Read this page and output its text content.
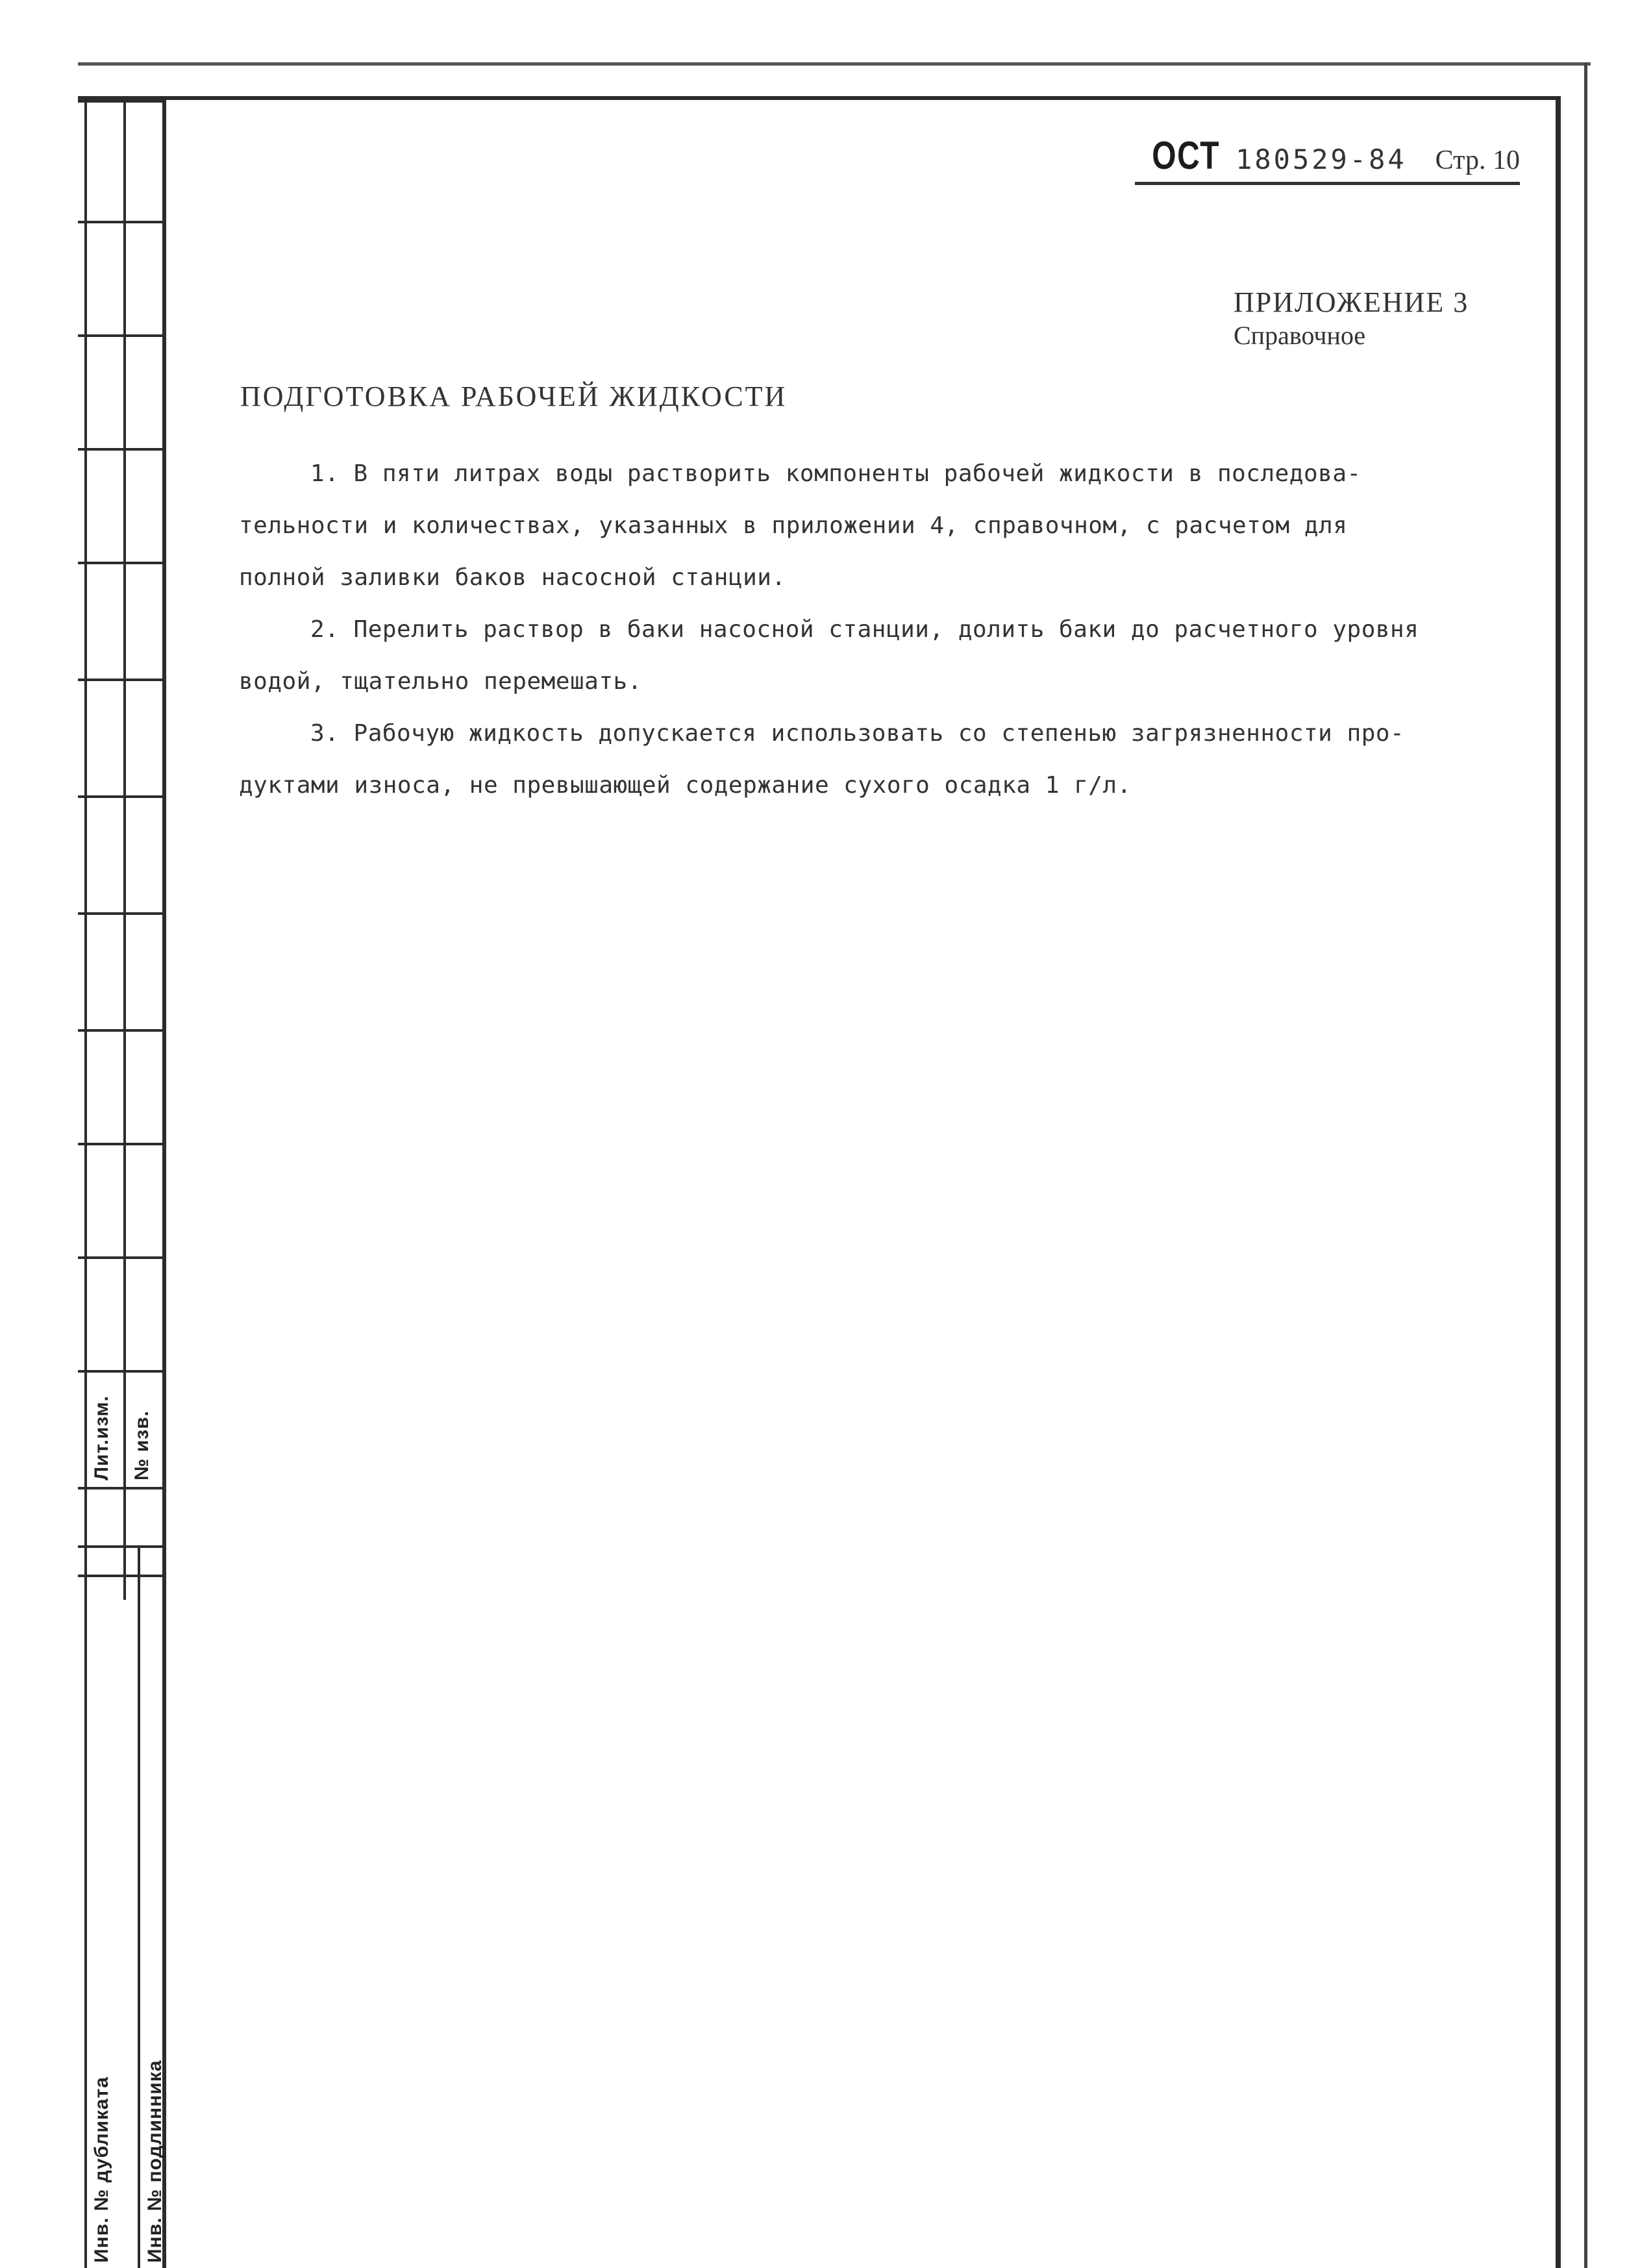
Лит.изм. № изв.
Инв. № дубликата Инв. № подлинника
ОСТ 180529-84 Стр. 10
ПРИЛОЖЕНИЕ 3
Справочное
ПОДГОТОВКА РАБОЧЕЙ ЖИДКОСТИ
1. В пяти литрах воды растворить компоненты рабочей жидкости в последова-
тельности и количествах, указанных в приложении 4, справочном, с расчетом для
полной заливки баков насосной станции.
2. Перелить раствор в баки насосной станции, долить баки до расчетного уровня
водой, тщательно перемешать.
3. Рабочую жидкость допускается использовать со степенью загрязненности про-
дуктами износа, не превышающей содержание сухого осадка 1 г/л.
